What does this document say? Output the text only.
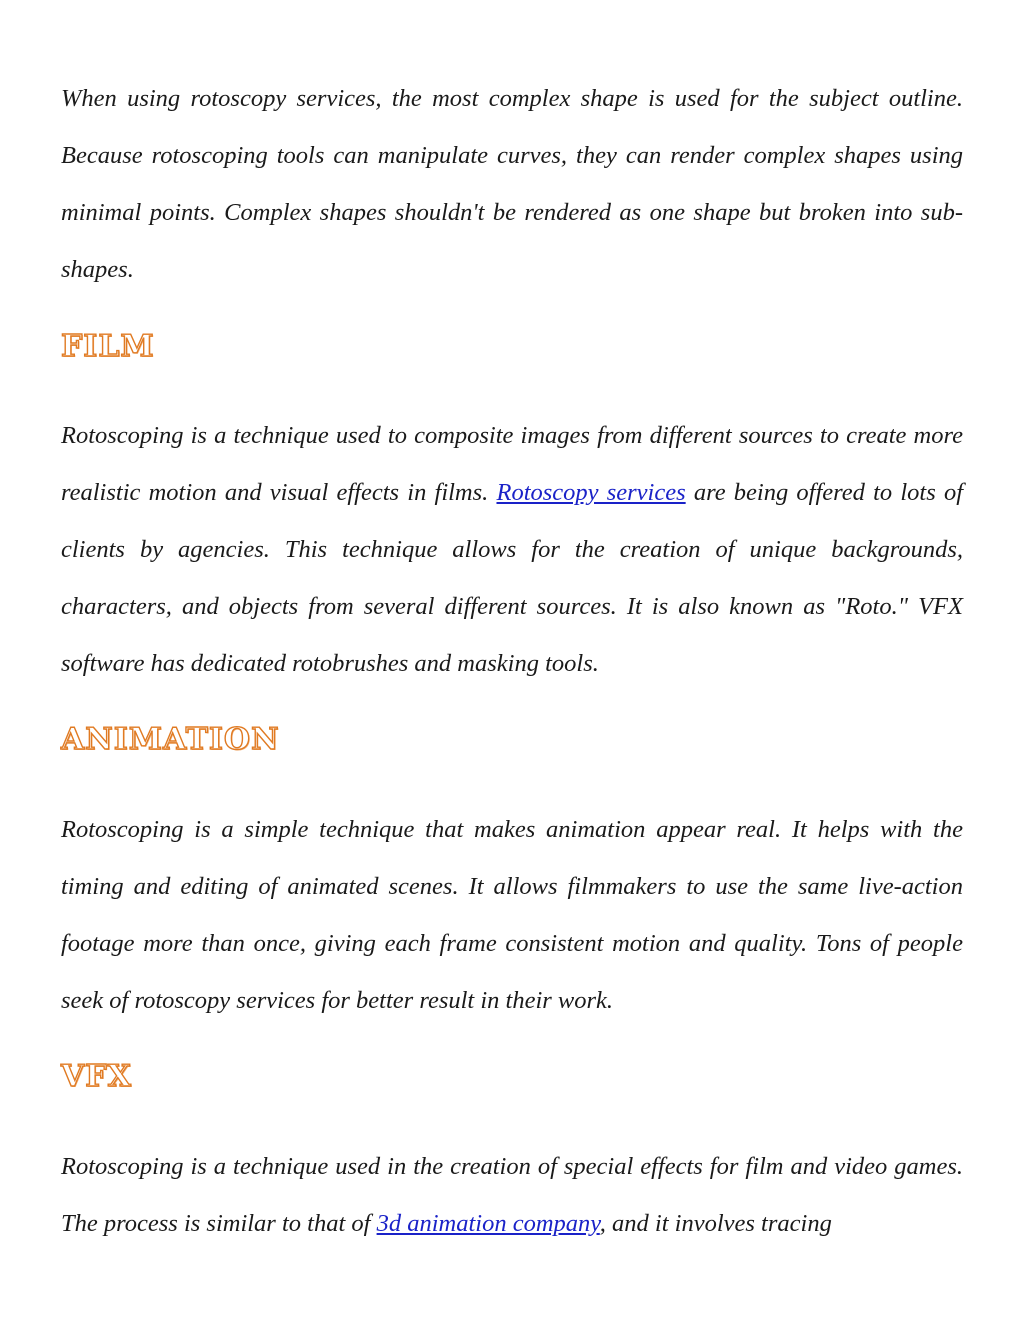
When using rotoscopy services, the most complex shape is used for the subject outline. Because rotoscoping tools can manipulate curves, they can render complex shapes using minimal points. Complex shapes shouldn't be rendered as one shape but broken into sub-shapes.

FILM

Rotoscoping is a technique used to composite images from different sources to create more realistic motion and visual effects in films. Rotoscopy services are being offered to lots of clients by agencies. This technique allows for the creation of unique backgrounds, characters, and objects from several different sources. It is also known as "Roto." VFX software has dedicated rotobrushes and masking tools.

ANIMATION

Rotoscoping is a simple technique that makes animation appear real. It helps with the timing and editing of animated scenes. It allows filmmakers to use the same live-action footage more than once, giving each frame consistent motion and quality. Tons of people seek of rotoscopy services for better result in their work.

VFX

Rotoscoping is a technique used in the creation of special effects for film and video games. The process is similar to that of 3d animation company, and it involves tracing
